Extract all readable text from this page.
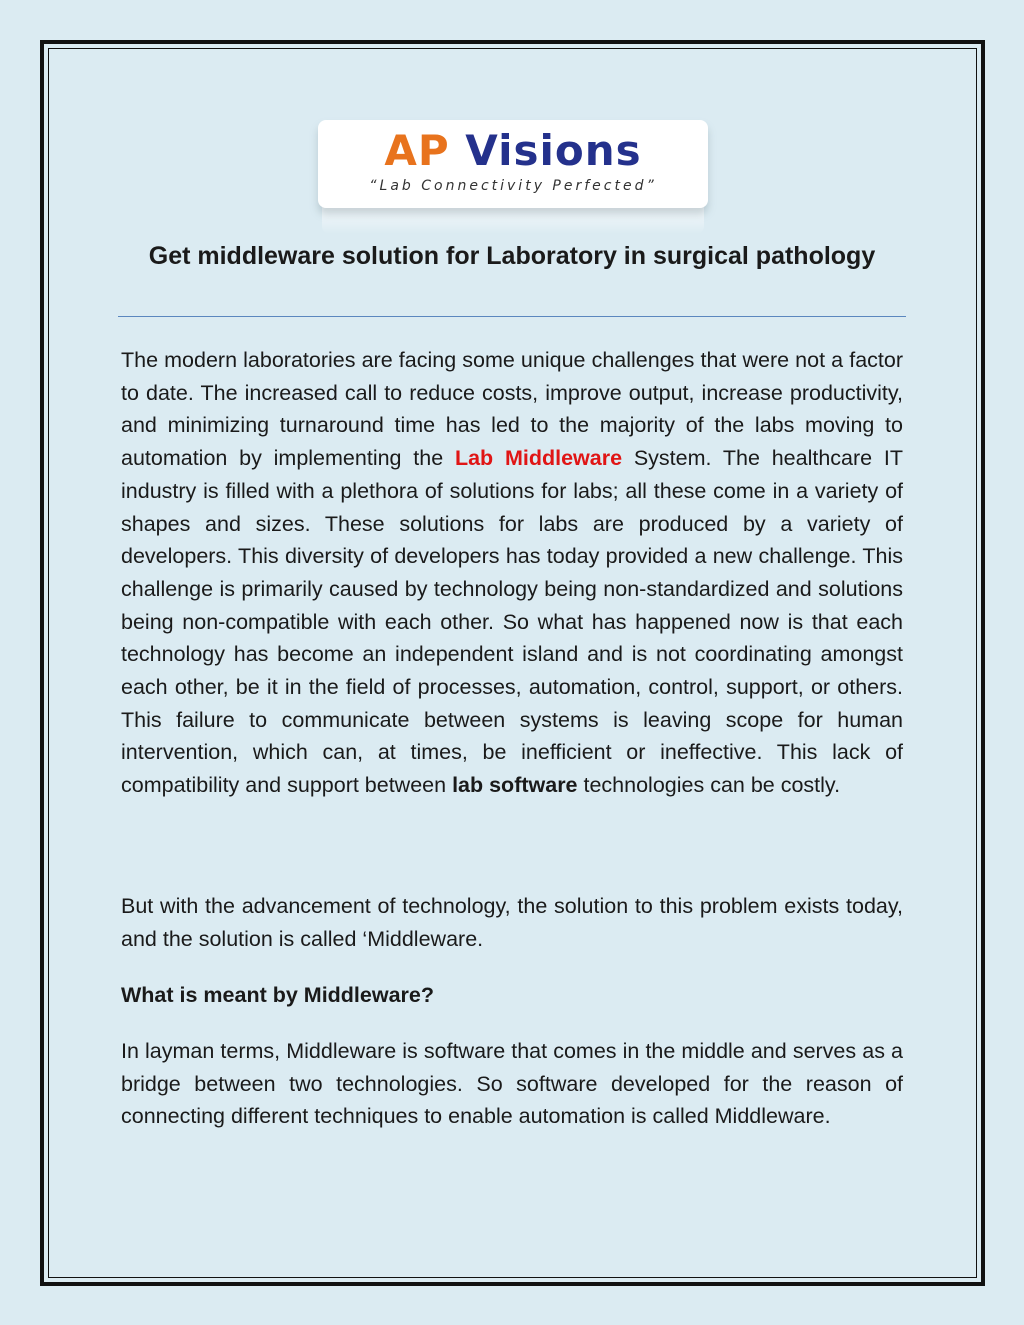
AP Visions
“Lab Connectivity Perfected”
Get middleware solution for Laboratory in surgical pathology

The modern laboratories are facing some unique challenges that were not a factor to date. The increased call to reduce costs, improve output, increase productivity, and minimizing turnaround time has led to the majority of the labs moving to automation by implementing the Lab Middleware System. The healthcare IT industry is filled with a plethora of solutions for labs; all these come in a variety of shapes and sizes. These solutions for labs are produced by a variety of developers. This diversity of developers has today provided a new challenge. This challenge is primarily caused by technology being non-standardized and solutions being non-compatible with each other. So what has happened now is that each technology has become an independent island and is not coordinating amongst each other, be it in the field of processes, automation, control, support, or others. This failure to communicate between systems is leaving scope for human intervention, which can, at times, be inefficient or ineffective. This lack of compatibility and support between lab software technologies can be costly.

But with the advancement of technology, the solution to this problem exists today, and the solution is called ‘Middleware.

What is meant by Middleware?

In layman terms, Middleware is software that comes in the middle and serves as a bridge between two technologies. So software developed for the reason of connecting different techniques to enable automation is called Middleware.
